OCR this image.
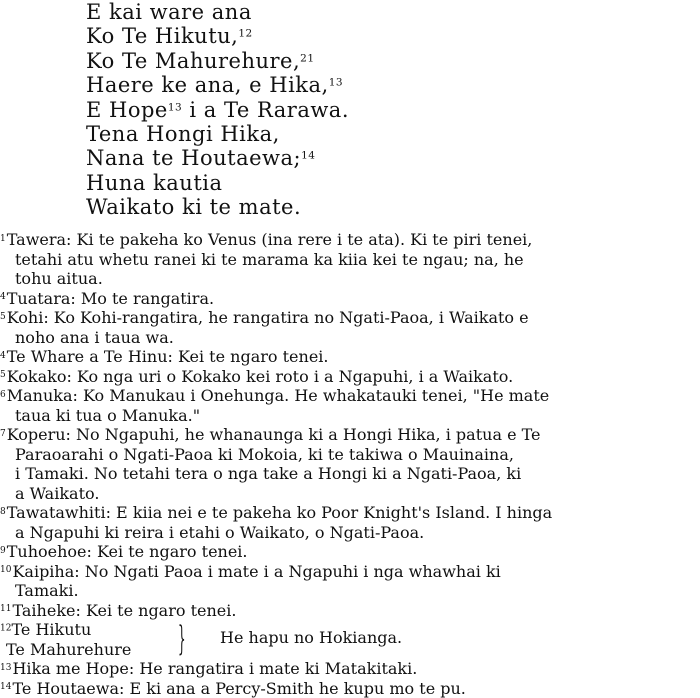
E kai ware ana
Ko Te Hikutu,$^{12}$
Ko Te Mahurehure,$^{21}$
Haere ke ana, e Hika,$^{13}$
E Hope$^{13}$ i a Te Rarawa.
Tena Hongi Hika,
Nana te Houtaewa;$^{14}$
Huna kautia
Waikato ki te mate.
$^1$Tawera: Ki te pakeha ko Venus (ina rere i te ata). Ki te piri tenei,
tetahi atu whetu ranei ki te marama ka kiia kei te ngau; na, he
tohu aitua.
$^4$Tuatara: Mo te rangatira.
$^5$Kohi: Ko Kohi-rangatira, he rangatira no Ngati-Paoa, i Waikato e
noho ana i taua wa.
$^4$Te Whare a Te Hinu: Kei te ngaro tenei.
$^5$Kokako: Ko nga uri o Kokako kei roto i a Ngapuhi, i a Waikato.
$^6$Manuka: Ko Manukau i Onehunga. He whakatauki tenei, "He mate
taua ki tua o Manuka."
$^7$Koperu: No Ngapuhi, he whanaunga ki a Hongi Hika, i patua e Te
Paraoarahi o Ngati-Paoa ki Mokoia, ki te takiwa o Mauinaina,
i Tamaki. No tetahi tera o nga take a Hongi ki a Ngati-Paoa, ki
a Waikato.
$^8$Tawatawhiti: E kiia nei e te pakeha ko Poor Knight's Island. I hinga
a Ngapuhi ki reira i etahi o Waikato, o Ngati-Paoa.
$^9$Tuhoehoe: Kei te ngaro tenei.
$^{10}$Kaipiha: No Ngati Paoa i mate i a Ngapuhi i nga whawhai ki
Tamaki.
$^{11}$Taiheke: Kei te ngaro tenei.
$^{12}$Te Hikutu
Te Mahurehure } He hapu no Hokianga.
$^{13}$Hika me Hope: He rangatira i mate ki Matakitaki.
$^{14}$Te Houtaewa: E ki ana a Percy-Smith he kupu mo te pu.
